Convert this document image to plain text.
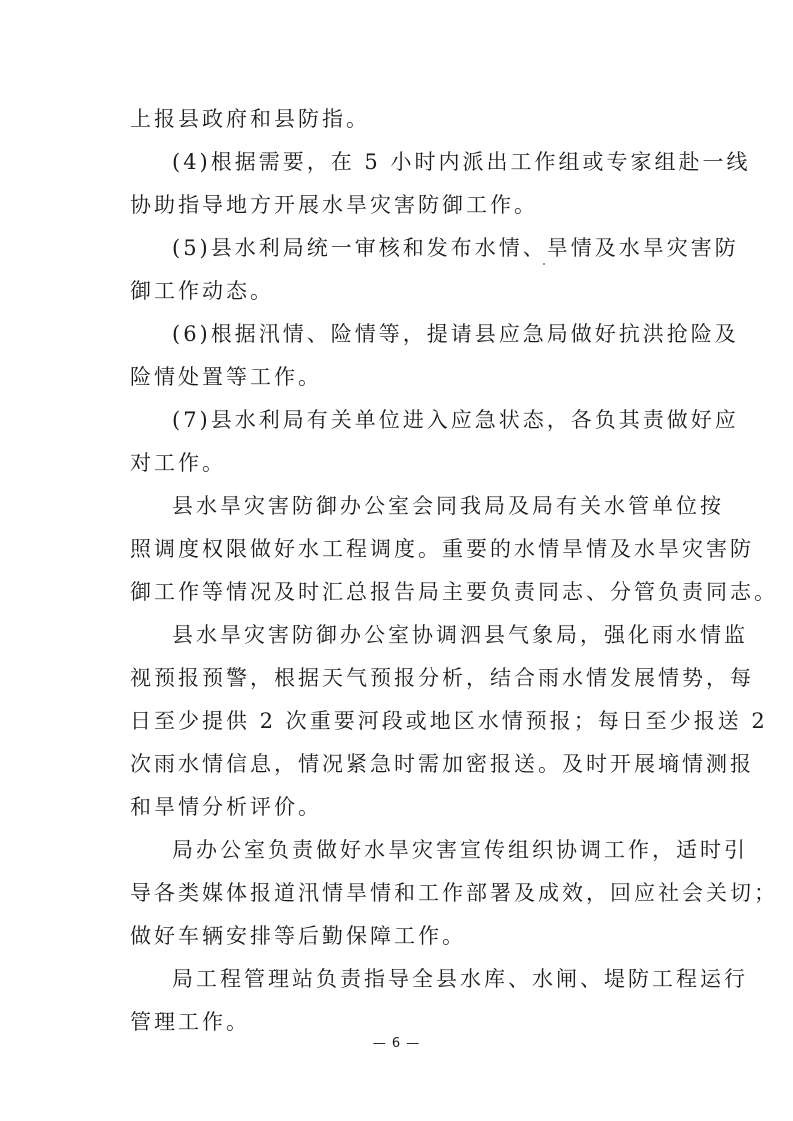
上报县政府和县防指。

(4)根据需要，在 5 小时内派出工作组或专家组赴一线
协助指导地方开展水旱灾害防御工作。

(5)县水利局统一审核和发布水情、旱情及水旱灾害防
御工作动态。

(6)根据汛情、险情等，提请县应急局做好抗洪抢险及
险情处置等工作。

(7)县水利局有关单位进入应急状态，各负其责做好应
对工作。

县水旱灾害防御办公室会同我局及局有关水管单位按
照调度权限做好水工程调度。重要的水情旱情及水旱灾害防
御工作等情况及时汇总报告局主要负责同志、分管负责同志。

县水旱灾害防御办公室协调泗县气象局，强化雨水情监
视预报预警，根据天气预报分析，结合雨水情发展情势，每
日至少提供 2 次重要河段或地区水情预报；每日至少报送 2
次雨水情信息，情况紧急时需加密报送。及时开展墒情测报
和旱情分析评价。

局办公室负责做好水旱灾害宣传组织协调工作，适时引
导各类媒体报道汛情旱情和工作部署及成效，回应社会关切；
做好车辆安排等后勤保障工作。

局工程管理站负责指导全县水库、水闸、堤防工程运行
管理工作。

— 6 —
